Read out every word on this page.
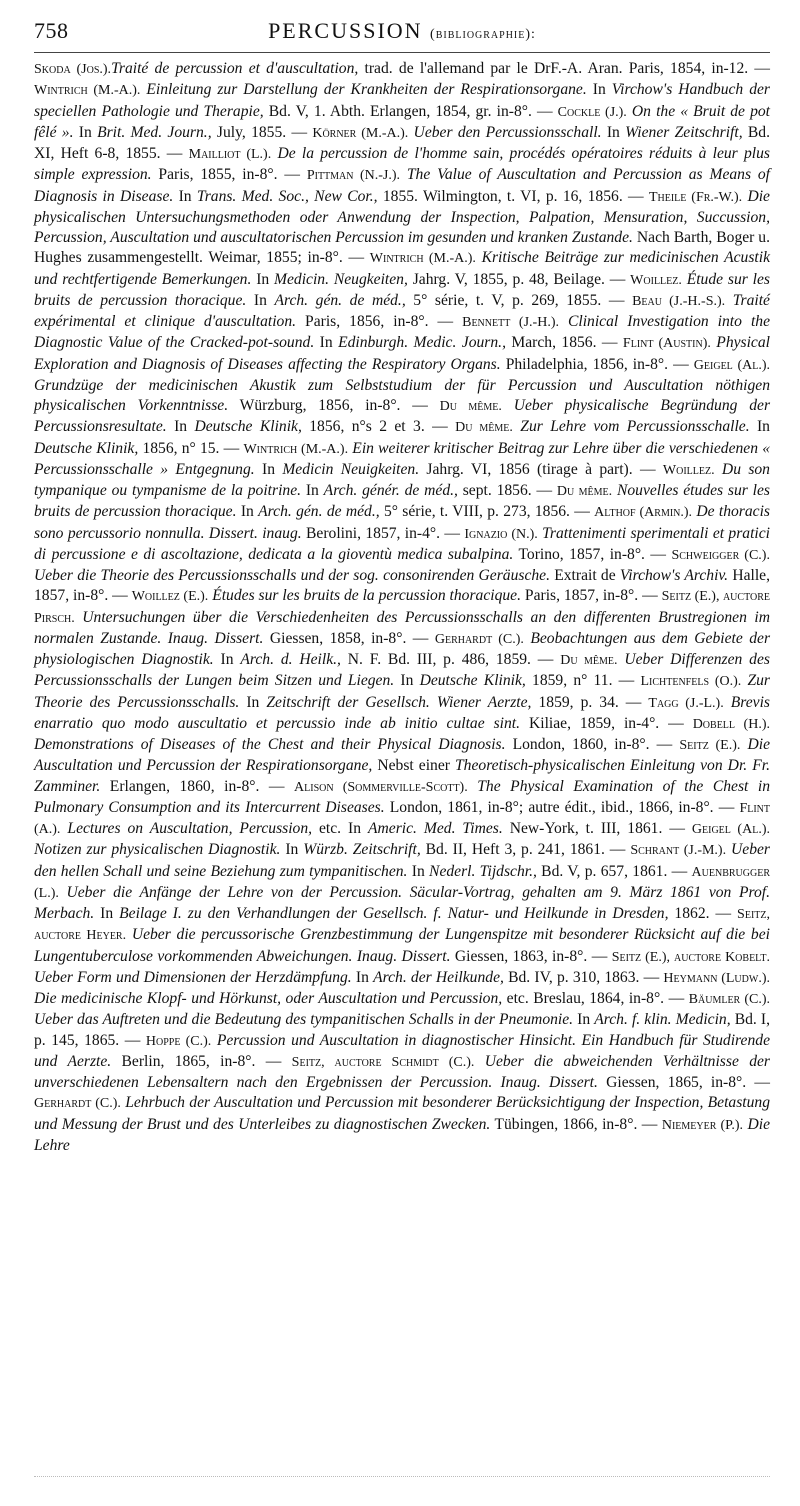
758	PERCUSSION (bibliographie):

Skoda (Jos.).Traité de percussion et d'auscultation, trad. de l'allemand par le DrF.-A. Aran. Paris, 1854, in-12. — Wintrich (M.-A.). Einleitung zur Darstellung der Krankheiten der Respirationsorgane. In Virchow's Handbuch der speciellen Pathologie und Therapie, Bd. V, 1. Abth. Erlangen, 1854, gr. in-8°. — Cockle (J.). On the « Bruit de pot fêlé ». In Brit. Med. Journ., July, 1855. — Körner (M.-A.). Ueber den Percussionsschall. In Wiener Zeitschrift, Bd. XI, Heft 6-8, 1855. — Mailliot (L.). De la percussion de l'homme sain, procédés opératoires réduits à leur plus simple expression. Paris, 1855, in-8°. — Pittman (N.-J.). The Value of Auscultation and Percussion as Means of Diagnosis in Disease. In Trans. Med. Soc., New Cor., 1855. Wilmington, t. VI, p. 16, 1856. — Theile (Fr.-W.). Die physicalischen Untersuchungsmethoden oder Anwendung der Inspection, Palpation, Mensuration, Succussion, Percussion, Auscultation und auscultatorischen Percussion im gesunden und kranken Zustande. Nach Barth, Boger u. Hughes zusammengestellt. Weimar, 1855; in-8°. — Wintrich (M.-A.). Kritische Beiträge zur medicinischen Acustik und rechtfertigende Bemerkungen. In Medicin. Neugkeiten, Jahrg. V, 1855, p. 48, Beilage. — Woillez. Étude sur les bruits de percussion thoracique. In Arch. gén. de méd., 5° série, t. V, p. 269, 1855. — Beau (J.-H.-S.). Traité expérimental et clinique d'auscultation. Paris, 1856, in-8°. — Bennett (J.-H.). Clinical Investigation into the Diagnostic Value of the Cracked-pot-sound. In Edinburgh. Medic. Journ., March, 1856. — Flint (Austin). Physical Exploration and Diagnosis of Diseases affecting the Respiratory Organs. Philadelphia, 1856, in-8°. — Geigel (Al.). Grundzüge der medicinischen Akustik zum Selbststudium der für Percussion und Auscultation nöthigen physicalischen Vorkenntnisse. Würzburg, 1856, in-8°. — Du même. Ueber physicalische Begründung der Percussionsresultate. In Deutsche Klinik, 1856, n°s 2 et 3. — Du même. Zur Lehre vom Percussionsschalle. In Deutsche Klinik, 1856, n° 15. — Wintrich (M.-A.). Ein weiterer kritischer Beitrag zur Lehre über die verschiedenen « Percussionsschalle » Entgegnung. In Medicin Neuigkeiten. Jahrg. VI, 1856 (tirage à part). — Woillez. Du son tympanique ou tympanisme de la poitrine. In Arch. génér. de méd., sept. 1856. — Du même. Nouvelles études sur les bruits de percussion thoracique. In Arch. gén. de méd., 5° série, t. VIII, p. 273, 1856. — Althof (Armin.). De thoracis sono percussorio nonnulla. Dissert. inaug. Berolini, 1857, in-4°. — Ignazio (N.). Trattenimenti sperimentali et pratici di percussione e di ascoltazione, dedicata a la gioventù medica subalpina. Torino, 1857, in-8°. — Schweigger (C.). Ueber die Theorie des Percussionsschalls und der sog. consonirenden Geräusche. Extrait de Virchow's Archiv. Halle, 1857, in-8°. — Woillez (E.). Études sur les bruits de la percussion thoracique. Paris, 1857, in-8°. — Seitz (E.), auctore Pirsch. Untersuchungen über die Verschiedenheiten des Percussionsschalls an den differenten Brustregionen im normalen Zustande. Inaug. Dissert. Giessen, 1858, in-8°. — Gerhardt (C.). Beobachtungen aus dem Gebiete der physiologischen Diagnostik. In Arch. d. Heilk., N. F. Bd. III, p. 486, 1859. — Du même. Ueber Differenzen des Percussionsschalls der Lungen beim Sitzen und Liegen. In Deutsche Klinik, 1859, n° 11. — Lichtenfels (O.). Zur Theorie des Percussionsschalls. In Zeitschrift der Gesellsch. Wiener Aerzte, 1859, p. 34. — Tagg (J.-L.). Brevis enarratio quo modo auscultatio et percussio inde ab initio cultae sint. Kiliae, 1859, in-4°. — Dobell (H.). Demonstrations of Diseases of the Chest and their Physical Diagnosis. London, 1860, in-8°. — Seitz (E.). Die Auscultation und Percussion der Respirationsorgane, Nebst einer Theoretisch-physicalischen Einleitung von Dr. Fr. Zamminer. Erlangen, 1860, in-8°. — Alison (Sommerville-Scott). The Physical Examination of the Chest in Pulmonary Consumption and its Intercurrent Diseases. London, 1861, in-8°; autre édit., ibid., 1866, in-8°. — Flint (A.). Lectures on Auscultation, Percussion, etc. In Americ. Med. Times. New-York, t. III, 1861. — Geigel (Al.). Notizen zur physicalischen Diagnostik. In Würzb. Zeitschrift, Bd. II, Heft 3, p. 241, 1861. — Schrant (J.-M.). Ueber den hellen Schall und seine Beziehung zum tympanitischen. In Nederl. Tijdschr., Bd. V, p. 657, 1861. — Auenbrugger (L.). Ueber die Anfänge der Lehre von der Percussion. Säcular-Vortrag, gehalten am 9. März 1861 von Prof. Merbach. In Beilage I. zu den Verhandlungen der Gesellsch. f. Natur- und Heilkunde in Dresden, 1862. — Seitz, auctore Heyer. Ueber die percussorische Grenzbestimmung der Lungenspitze mit besonderer Rücksicht auf die bei Lungentuberculose vorkommenden Abweichungen. Inaug. Dissert. Giessen, 1863, in-8°. — Seitz (E.), auctore Kobelt. Ueber Form und Dimensionen der Herzdämpfung. In Arch. der Heilkunde, Bd. IV, p. 310, 1863. — Heymann (Ludw.). Die medicinische Klopf- und Hörkunst, oder Auscultation und Percussion, etc. Breslau, 1864, in-8°. — Bäumler (C.). Ueber das Auftreten und die Bedeutung des tympanitischen Schalls in der Pneumonie. In Arch. f. klin. Medicin, Bd. I, p. 145, 1865. — Hoppe (C.). Percussion und Auscultation in diagnostischer Hinsicht. Ein Handbuch für Studirende und Aerzte. Berlin, 1865, in-8°. — Seitz, auctore Schmidt (C.). Ueber die abweichenden Verhältnisse der unverschiedenen Lebensaltern nach den Ergebnissen der Percussion. Inaug. Dissert. Giessen, 1865, in-8°. — Gerhardt (C.). Lehrbuch der Auscultation und Percussion mit besonderer Berücksichtigung der Inspection, Betastung und Messung der Brust und des Unterleibes zu diagnostischen Zwecken. Tübingen, 1866, in-8°. — Niemeyer (P.). Die Lehre
